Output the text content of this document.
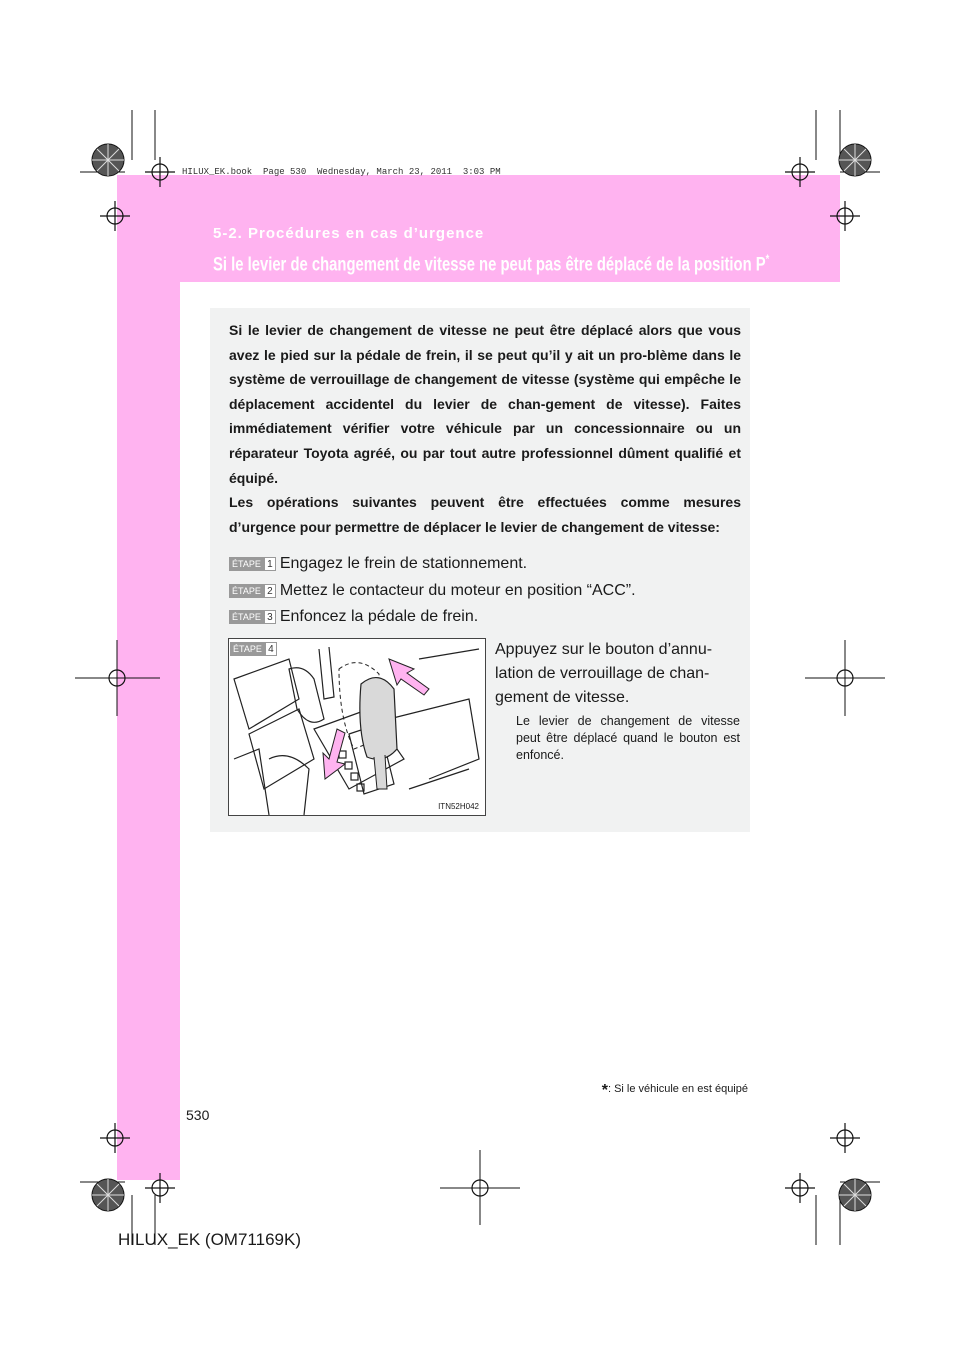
HILUX_EK.book  Page 530  Wednesday, March 23, 2011  3:03 PM
5-2. Procédures en cas d’urgence
Si le levier de changement de vitesse ne peut pas être déplacé de la position P*

Si le levier de changement de vitesse ne peut être déplacé alors que vous avez le pied sur la pédale de frein, il se peut qu’il y ait un pro-blème dans le système de verrouillage de changement de vitesse (système qui empêche le déplacement accidentel du levier de chan-gement de vitesse). Faites immédiatement vérifier votre véhicule par un concessionnaire ou un réparateur Toyota agréé, ou par tout autre professionnel dûment qualifié et équipé.

Les opérations suivantes peuvent être effectuées comme mesures d’urgence pour permettre de déplacer le levier de changement de vitesse:

ÉTAPE 1 Engagez le frein de stationnement.
ÉTAPE 2 Mettez le contacteur du moteur en position “ACC”.
ÉTAPE 3 Enfoncez la pédale de frein.
ITN52H042
ÉTAPE 4	Appuyez sur le bouton d’annu-lation de verrouillage de chan-gement de vitesse.
Le levier de changement de vitesse peut être déplacé quand le bouton est enfoncé.
*: Si le véhicule en est équipé
530
HILUX_EK (OM71169K)
